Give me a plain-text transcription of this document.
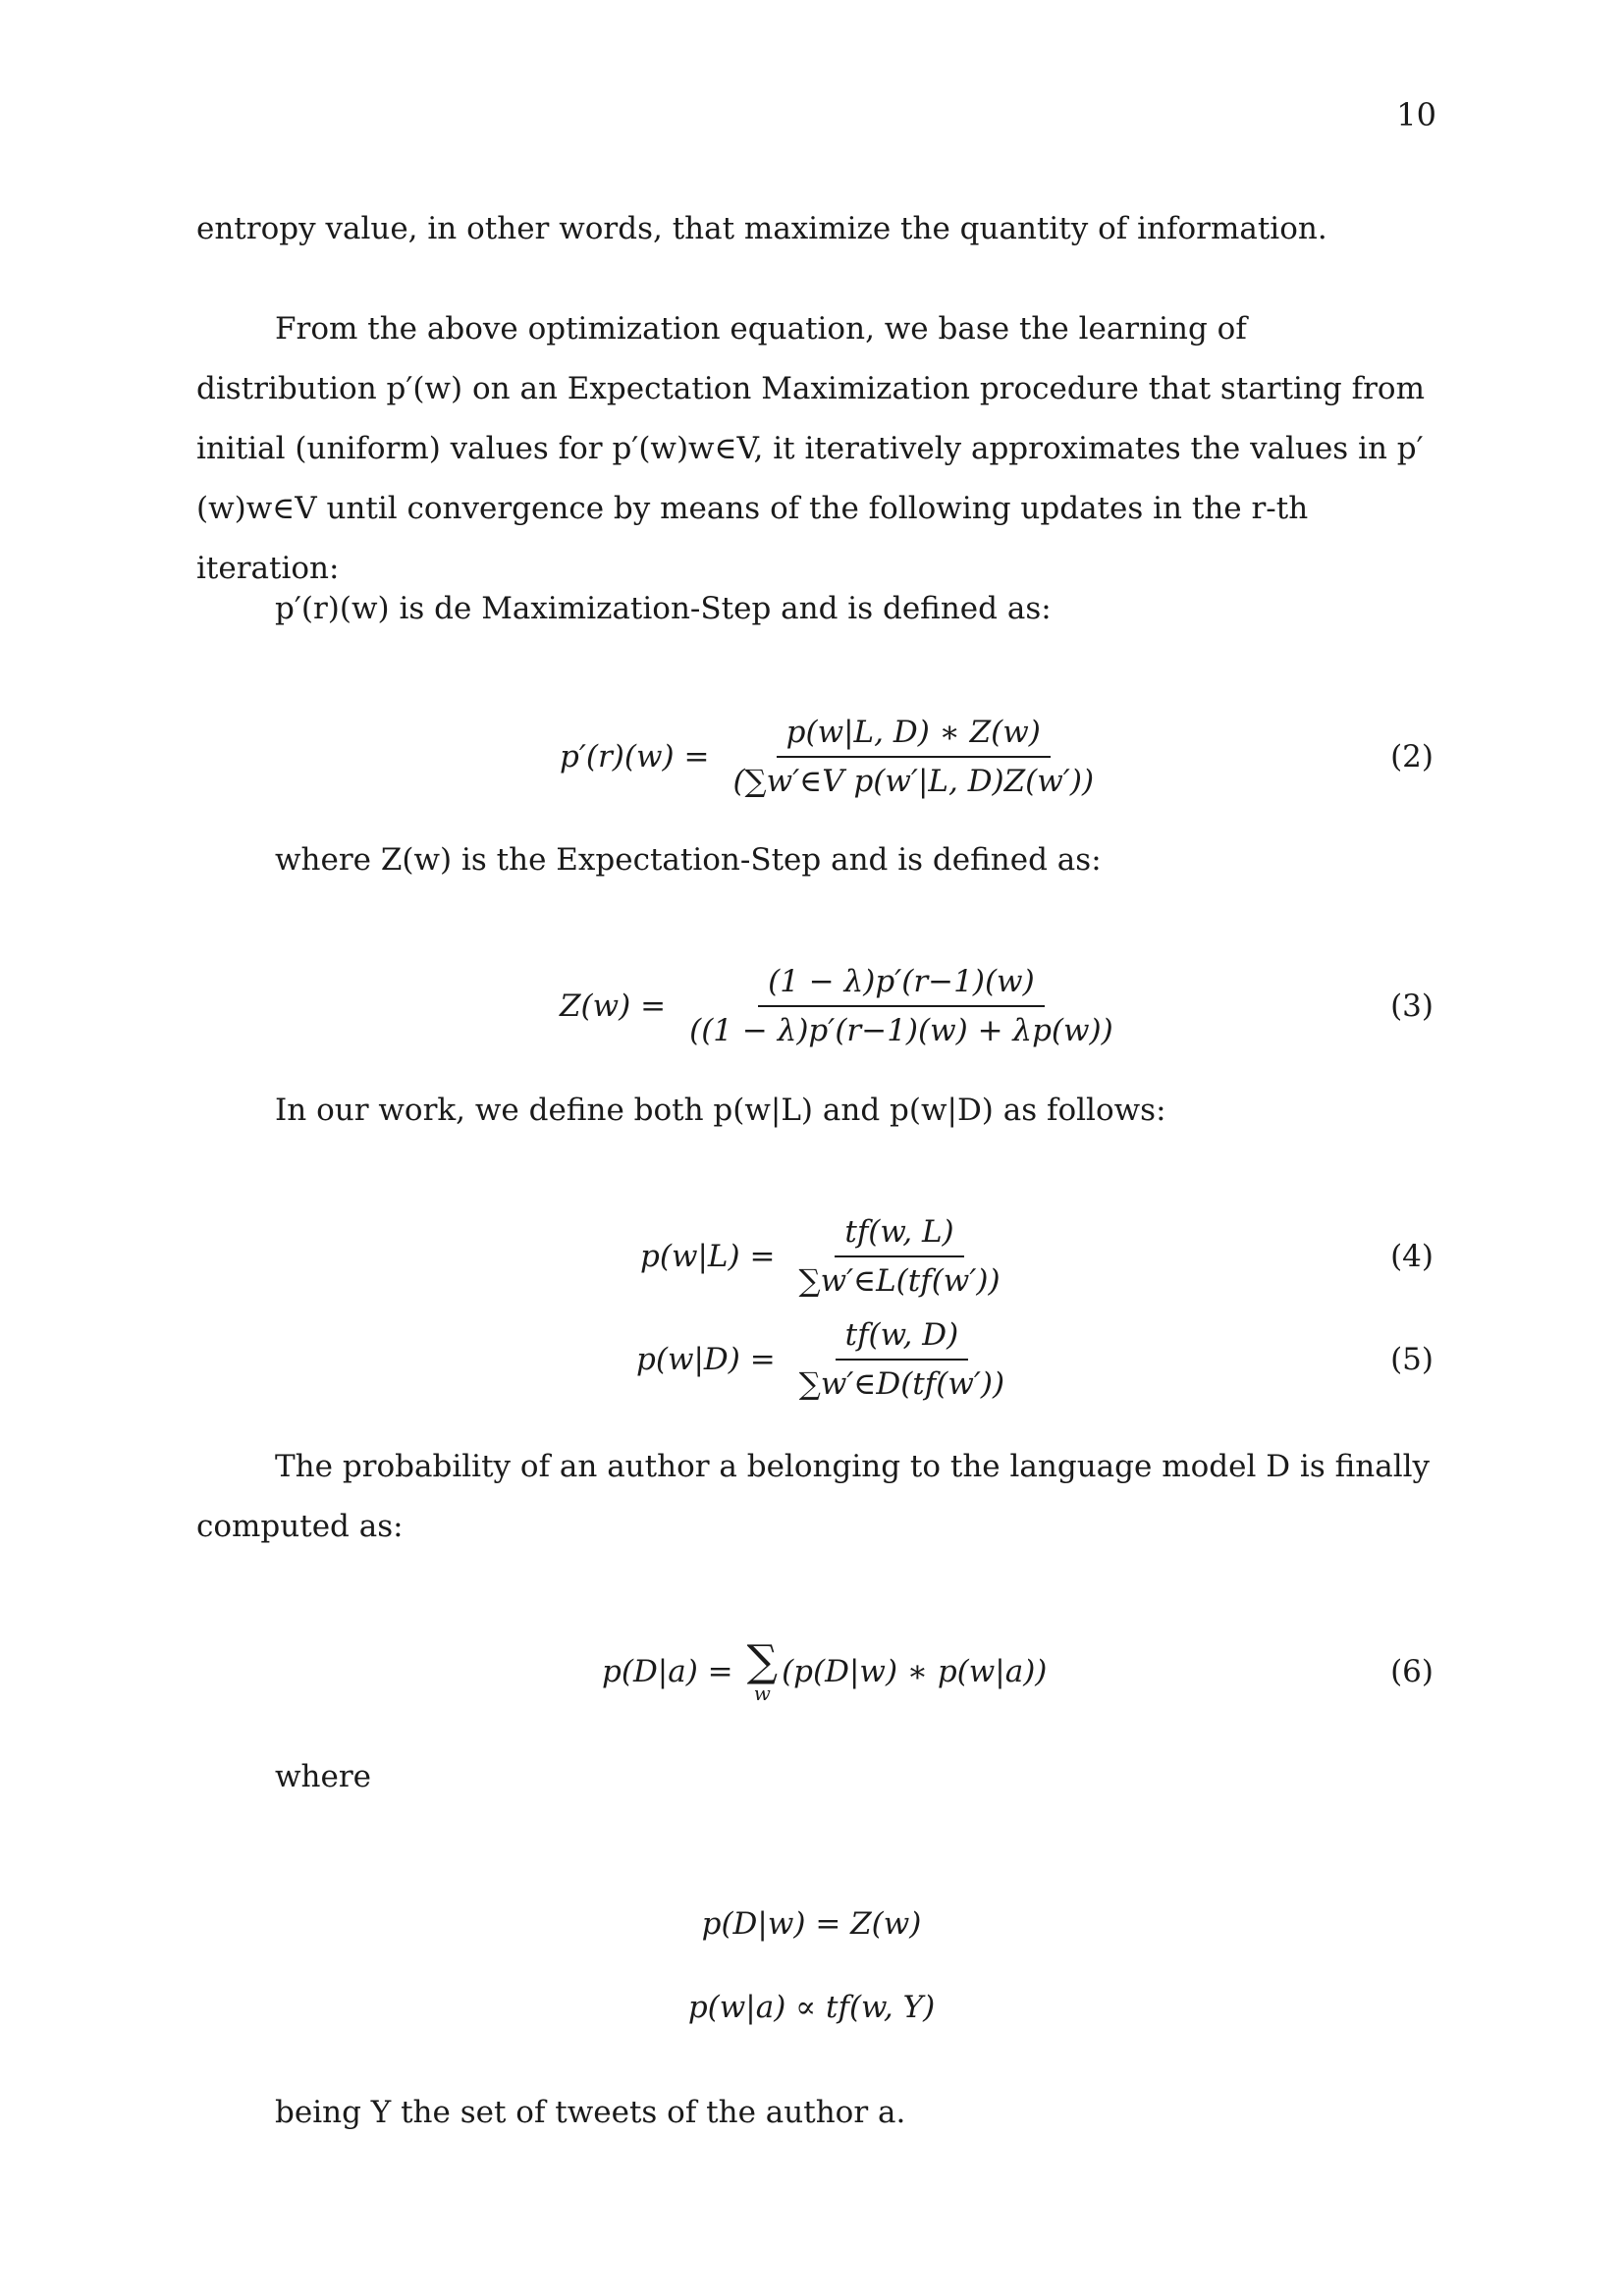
10

entropy value, in other words, that maximize the quantity of information.

From the above optimization equation, we base the learning of distribution p′(w) on an Expectation Maximization procedure that starting from initial (uniform) values for p′(w)w∈V, it iteratively approximates the values in p′(w)w∈V until convergence by means of the following updates in the r-th iteration:

p′(r)(w) is de Maximization-Step and is defined as:

$p'(r)(w) = \frac{p(w|L, D) ∗ Z(w)}{\text{(∑w′∈V p(w′|L, D)Z(w′))}}$	(2)

where Z(w) is the Expectation-Step and is defined as:

$Z(w) = \frac{(1 - \lambda)p'(r-1)(w)}{((1 - \lambda)p'(r-1)(w) + \lambda p(w))}$	(3)

In our work, we define both p(w|L) and p(w|D) as follows:

$p(w|L) = \frac{tf(w, L)}{\sum w'\in L(tf(w'))}$	(4)
$p(w|D) = \frac{tf(w, D)}{\sum w'\in D(tf(w'))}$	(5)

The probability of an author a belonging to the language model D is finally computed as:

p(D|a) = ∑
w
(p(D|w) ∗ p(w|a))	(6)

where

p(D|w) = Z(w)
p(w|a) ∝ tf(w, Y)

being Y the set of tweets of the author a.
